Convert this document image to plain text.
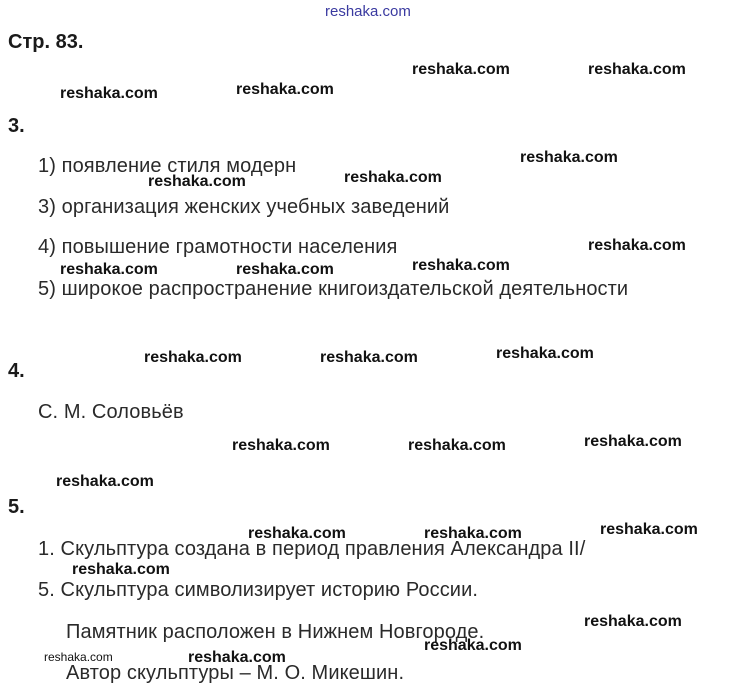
reshaka.com
Стр. 83.
3.
1) появление стиля модерн
3) организация женских учебных заведений
4) повышение грамотности населения
5) широкое распространение книгоиздательской деятельности
4.
С. М. Соловьёв
5.
1. Скульптура создана в период правления Александра II/
5. Скульптура символизирует историю России.
Памятник расположен в Нижнем Новгороде.
Автор скульптуры – М. О. Микешин.
reshaka.com	reshaka.com
reshaka.com	reshaka.com
reshaka.com
reshaka.com	reshaka.com
reshaka.com
reshaka.com	reshaka.com	reshaka.com
reshaka.com	reshaka.com	reshaka.com
reshaka.com	reshaka.com	reshaka.com
reshaka.com
reshaka.com	reshaka.com	reshaka.com
reshaka.com
reshaka.com
reshaka.com
reshaka.com
reshaka.com
